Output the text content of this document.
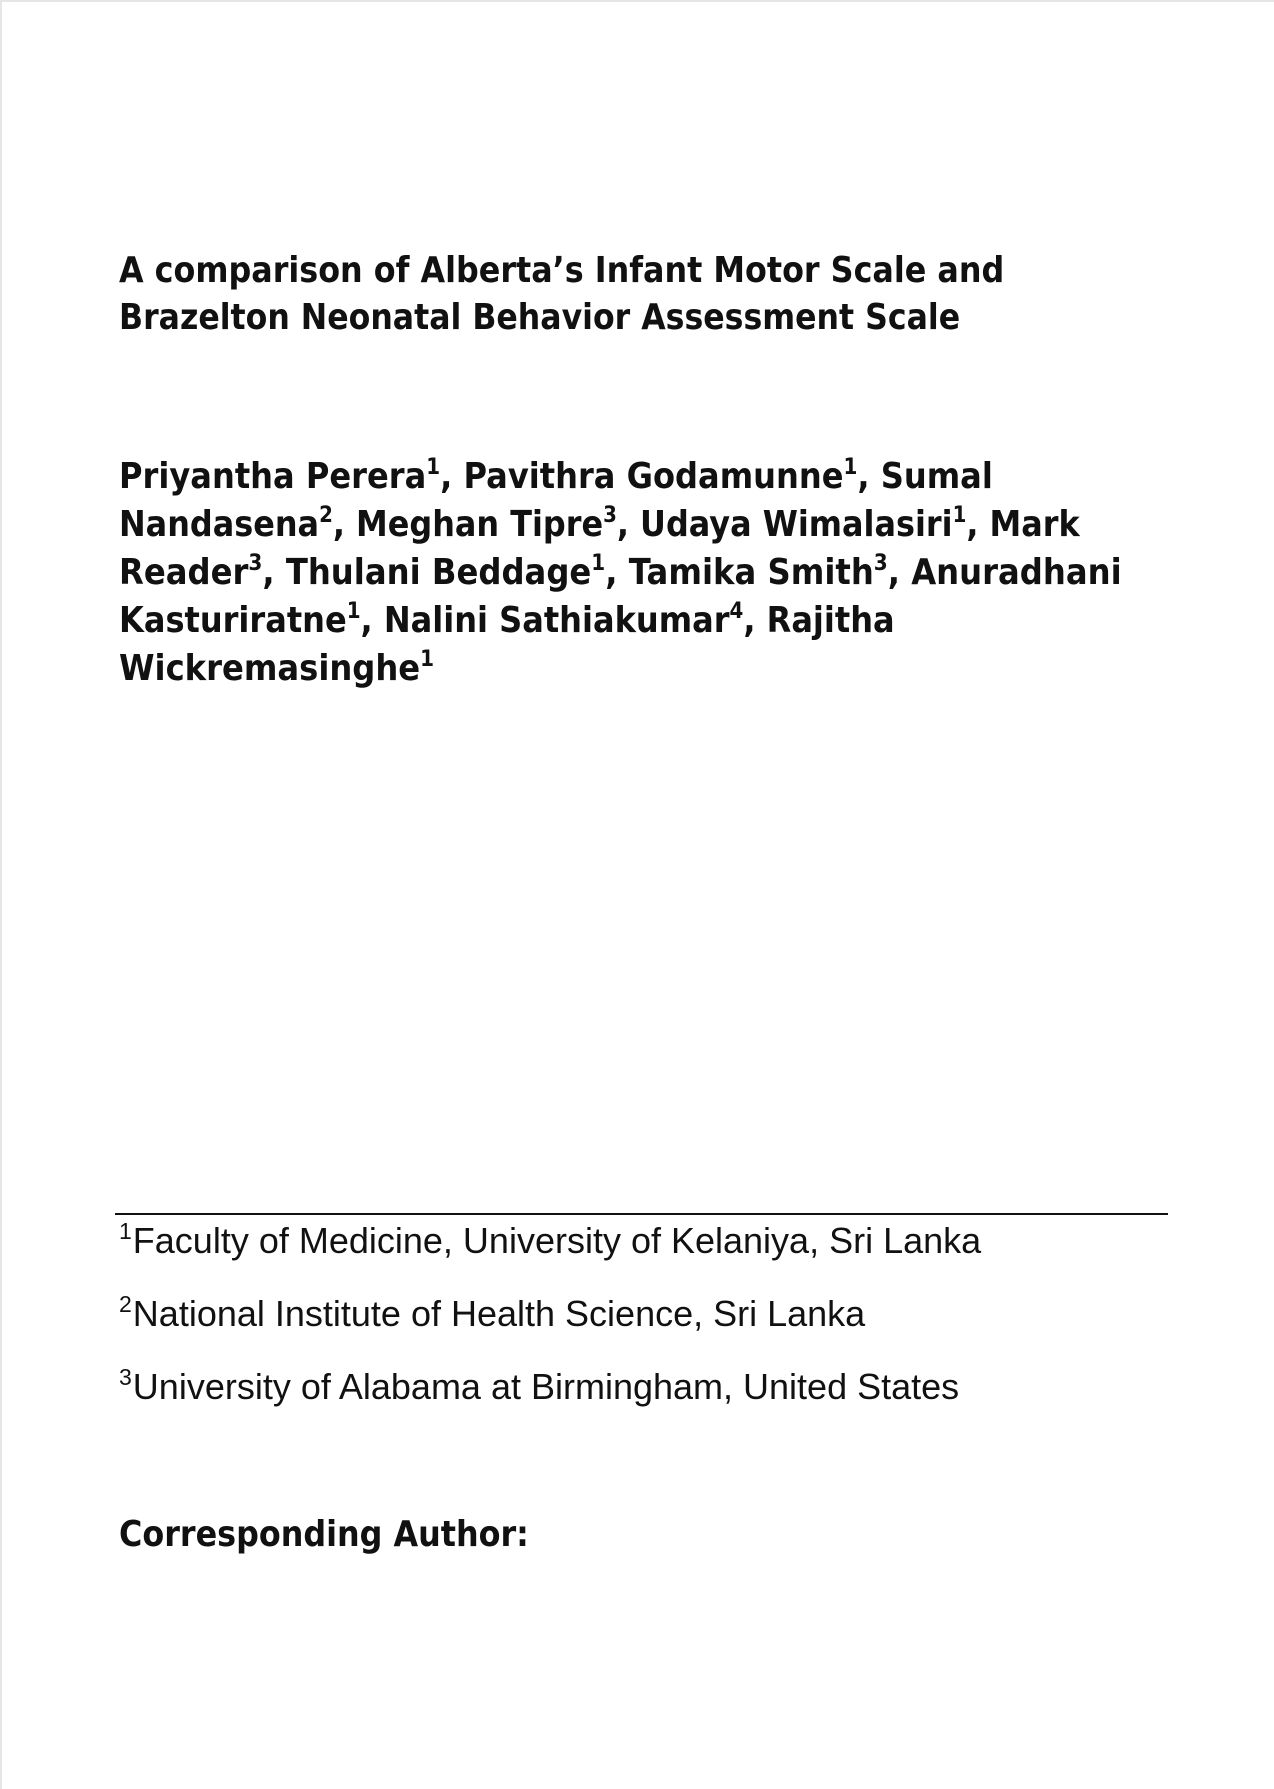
A comparison of Alberta’s Infant Motor Scale and
Brazelton Neonatal Behavior Assessment Scale
Priyantha Perera$^1$, Pavithra Godamunne$^1$, Sumal
Nandasena$^2$, Meghan Tipre$^3$, Udaya Wimalasiri$^1$, Mark
Reader$^3$, Thulani Beddage$^1$, Tamika Smith$^3$, Anuradhani
Kasturiratne$^1$, Nalini Sathiakumar$^4$, Rajitha
Wickremasinghe$^1$
$^1$Faculty of Medicine, University of Kelaniya, Sri Lanka
$^2$National Institute of Health Science, Sri Lanka
$^3$University of Alabama at Birmingham, United States
Corresponding Author:
